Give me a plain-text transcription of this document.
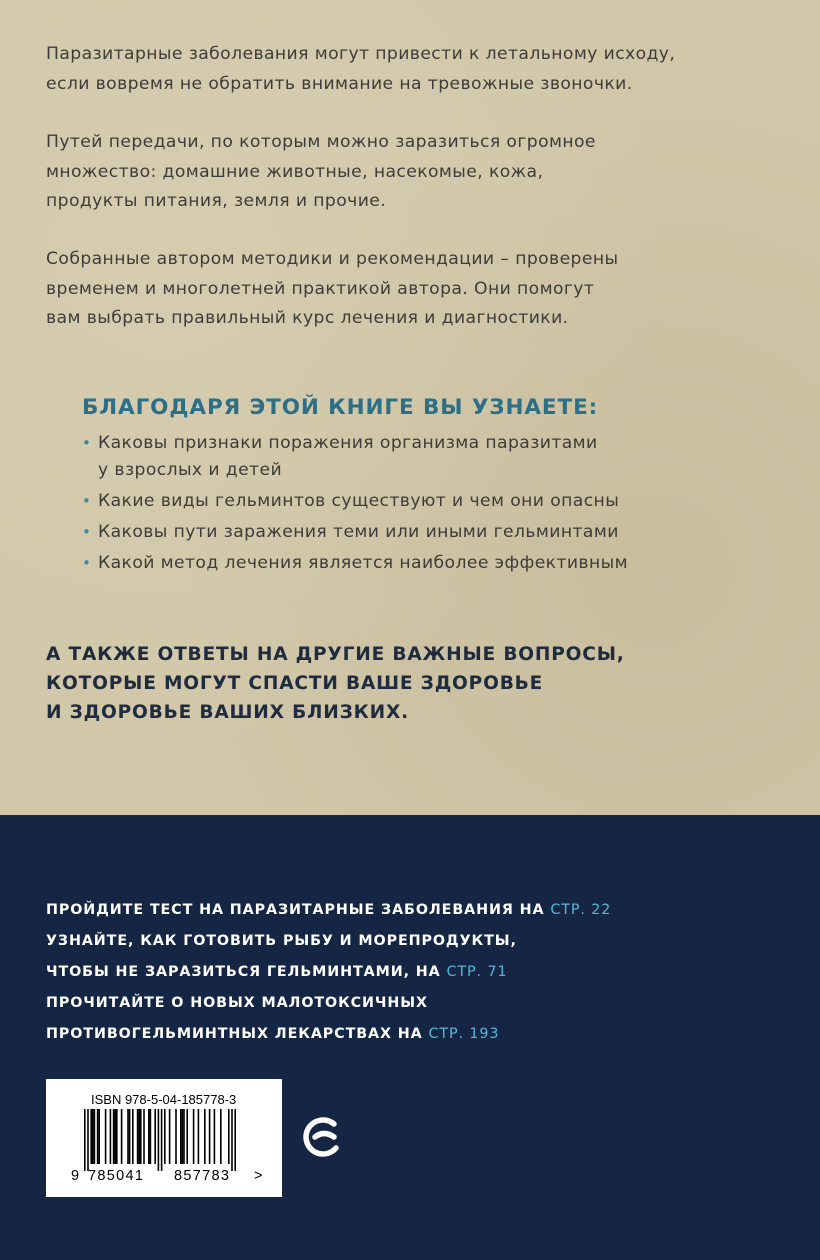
Паразитарные заболевания могут привести к летальному исходу,
если вовремя не обратить внимание на тревожные звоночки.

Путей передачи, по которым можно заразиться огромное
множество: домашние животные, насекомые, кожа,
продукты питания, земля и прочие.

Собранные автором методики и рекомендации – проверены
временем и многолетней практикой автора. Они помогут
вам выбрать правильный курс лечения и диагностики.

БЛАГОДАРЯ ЭТОЙ КНИГЕ ВЫ УЗНАЕТЕ:
• Каковы признаки поражения организма паразитами
у взрослых и детей
• Какие виды гельминтов существуют и чем они опасны
• Каковы пути заражения теми или иными гельминтами
• Какой метод лечения является наиболее эффективным

А ТАКЖЕ ОТВЕТЫ НА ДРУГИЕ ВАЖНЫЕ ВОПРОСЫ,
КОТОРЫЕ МОГУТ СПАСТИ ВАШЕ ЗДОРОВЬЕ
И ЗДОРОВЬЕ ВАШИХ БЛИЗКИХ.

ПРОЙДИТЕ ТЕСТ НА ПАРАЗИТАРНЫЕ ЗАБОЛЕВАНИЯ НА СТР. 22
УЗНАЙТЕ, КАК ГОТОВИТЬ РЫБУ И МОРЕПРОДУКТЫ,
ЧТОБЫ НЕ ЗАРАЗИТЬСЯ ГЕЛЬМИНТАМИ, НА СТР. 71
ПРОЧИТАЙТЕ О НОВЫХ МАЛОТОКСИЧНЫХ
ПРОТИВОГЕЛЬМИНТНЫХ ЛЕКАРСТВАХ НА СТР. 193
ISBN 978-5-04-185778-3
9 785041 857783 >
